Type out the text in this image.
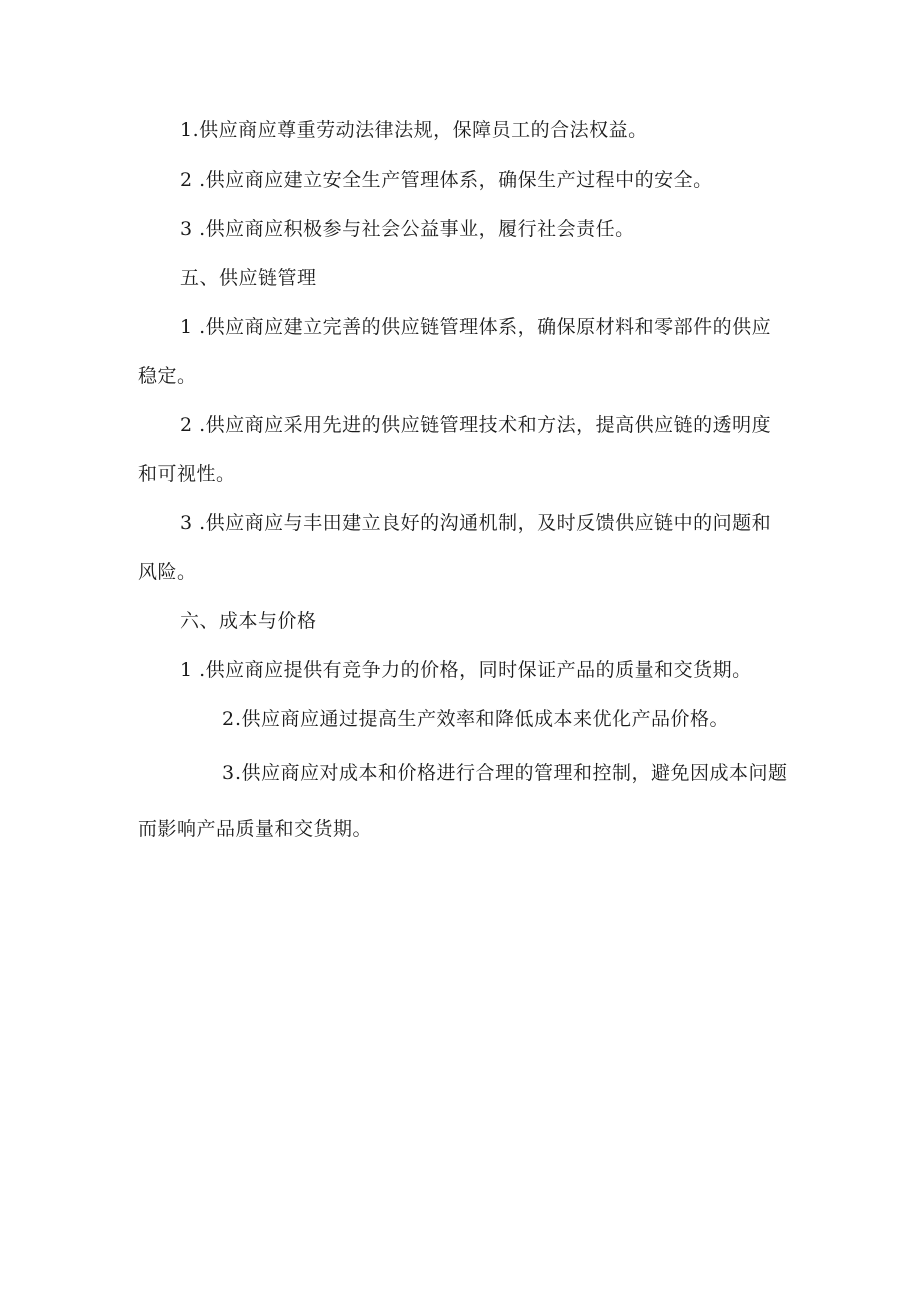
1.供应商应尊重劳动法律法规，保障员工的合法权益。

2 .供应商应建立安全生产管理体系，确保生产过程中的安全。

3 .供应商应积极参与社会公益事业，履行社会责任。

五、供应链管理

1 .供应商应建立完善的供应链管理体系，确保原材料和零部件的供应稳定。

2 .供应商应采用先进的供应链管理技术和方法，提高供应链的透明度和可视性。

3 .供应商应与丰田建立良好的沟通机制，及时反馈供应链中的问题和风险。

六、成本与价格

1 .供应商应提供有竞争力的价格，同时保证产品的质量和交货期。

2.供应商应通过提高生产效率和降低成本来优化产品价格。

3.供应商应对成本和价格进行合理的管理和控制，避免因成本问题而影响产品质量和交货期。
